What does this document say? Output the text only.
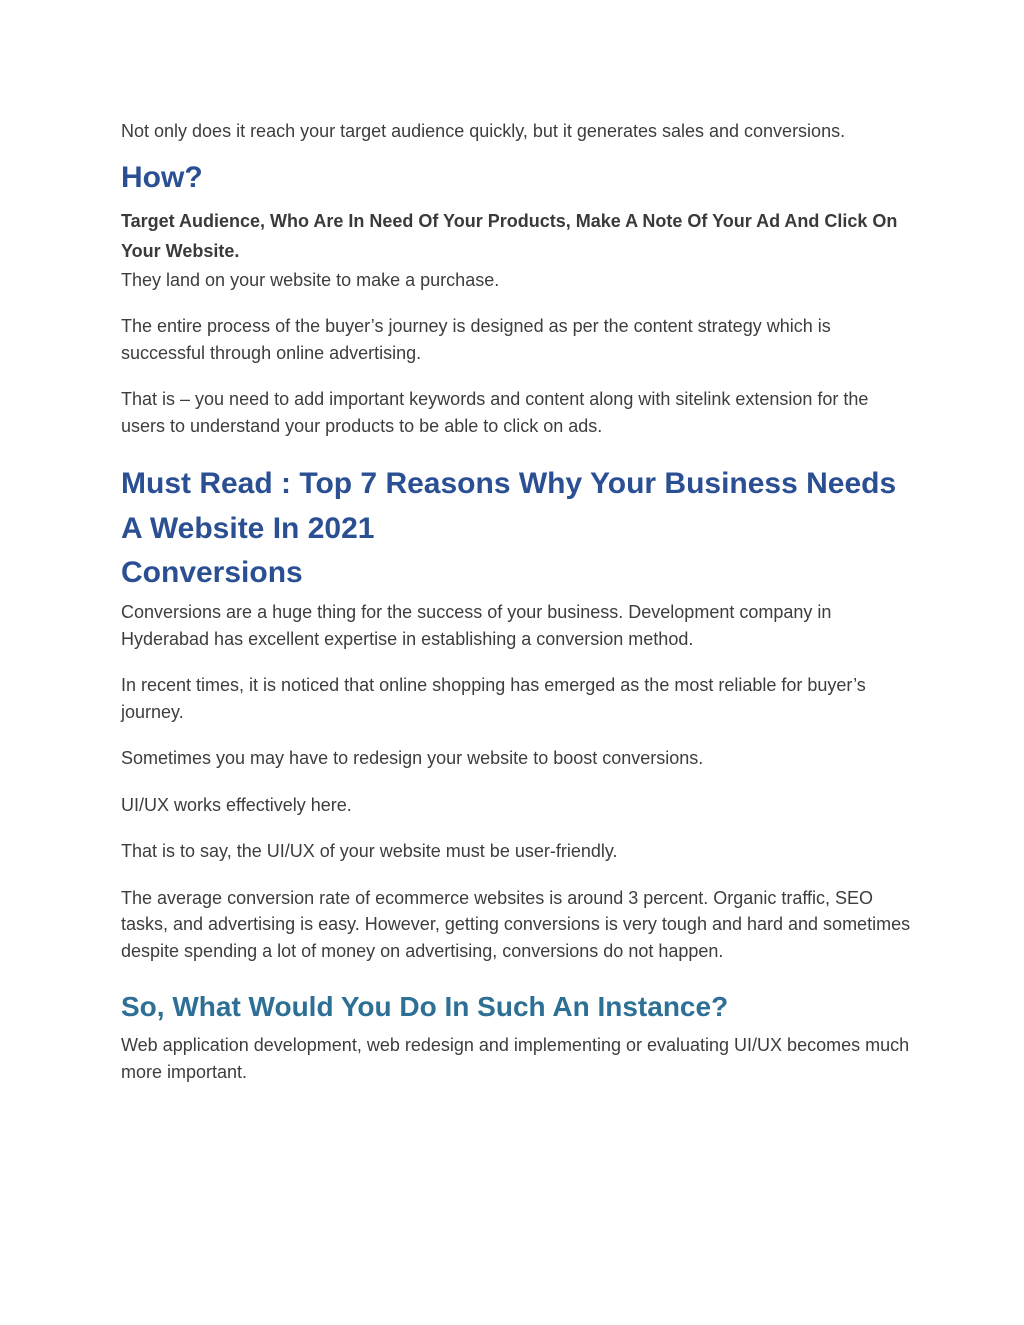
Not only does it reach your target audience quickly, but it generates sales and conversions.

How?

Target Audience, Who Are In Need Of Your Products, Make A Note Of Your Ad And Click On Your Website.

They land on your website to make a purchase.

The entire process of the buyer’s journey is designed as per the content strategy which is successful through online advertising.

That is – you need to add important keywords and content along with sitelink extension for the users to understand your products to be able to click on ads.

Must Read : Top 7 Reasons Why Your Business Needs A Website In 2021
Conversions

Conversions are a huge thing for the success of your business. Development company in Hyderabad has excellent expertise in establishing a conversion method.

In recent times, it is noticed that online shopping has emerged as the most reliable for buyer’s journey.

Sometimes you may have to redesign your website to boost conversions.

UI/UX works effectively here.

That is to say, the UI/UX of your website must be user-friendly.

The average conversion rate of ecommerce websites is around 3 percent. Organic traffic, SEO tasks, and advertising is easy. However, getting conversions is very tough and hard and sometimes despite spending a lot of money on advertising, conversions do not happen.

So, What Would You Do In Such An Instance?

Web application development, web redesign and implementing or evaluating UI/UX becomes much more important.
